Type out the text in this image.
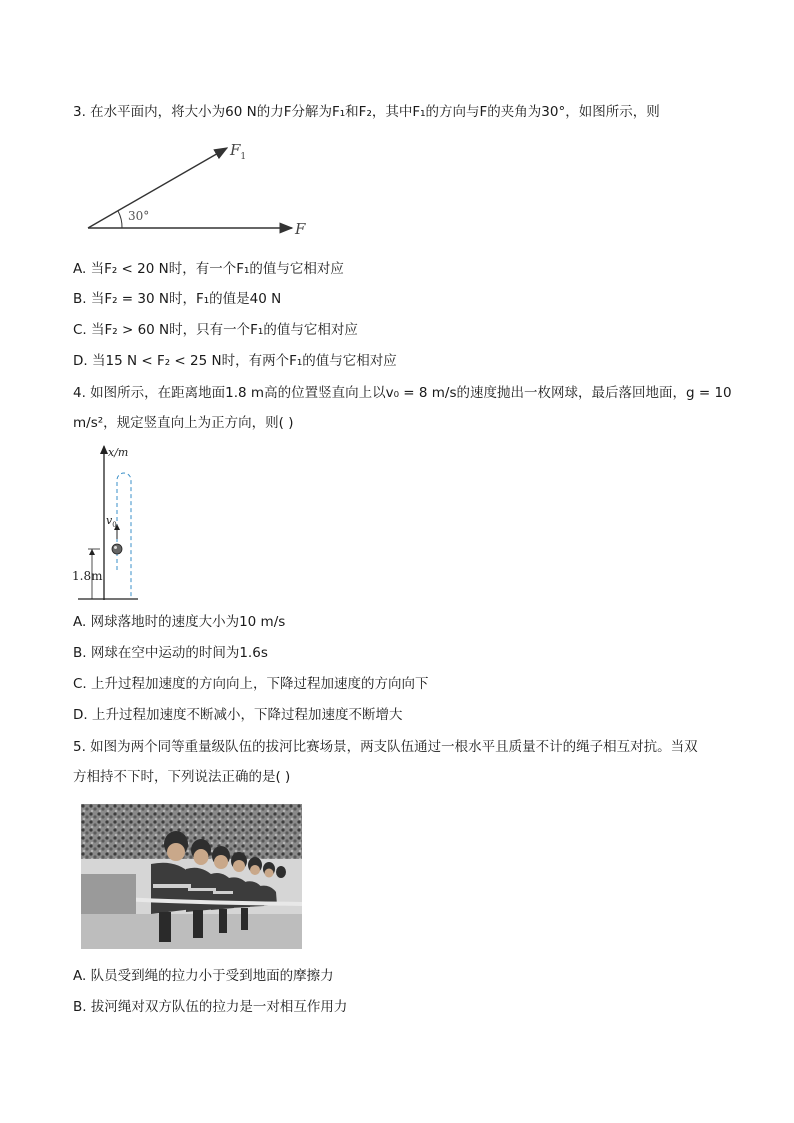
3. 在水平面内，将大小为60 N的力F分解为F₁和F₂，其中F₁的方向与F的夹角为30°，如图所示，则
30°
$F_1$
F
A. 当F₂ < 20 N时，有一个F₁的值与它相对应
B. 当F₂ = 30 N时，F₁的值是40 N
C. 当F₂ > 60 N时，只有一个F₁的值与它相对应
D. 当15 N < F₂ < 25 N时，有两个F₁的值与它相对应
4. 如图所示，在距离地面1.8 m高的位置竖直向上以v₀ = 8 m/s的速度抛出一枚网球，最后落回地面，g = 10
m/s²，规定竖直向上为正方向，则( )
x/m
$v_0$
1.8m
A. 网球落地时的速度大小为10 m/s
B. 网球在空中运动的时间为1.6s
C. 上升过程加速度的方向向上，下降过程加速度的方向向下
D. 上升过程加速度不断减小，下降过程加速度不断增大
5. 如图为两个同等重量级队伍的拔河比赛场景，两支队伍通过一根水平且质量不计的绳子相互对抗。当双
方相持不下时，下列说法正确的是( )
A. 队员受到绳的拉力小于受到地面的摩擦力
B. 拔河绳对双方队伍的拉力是一对相互作用力
